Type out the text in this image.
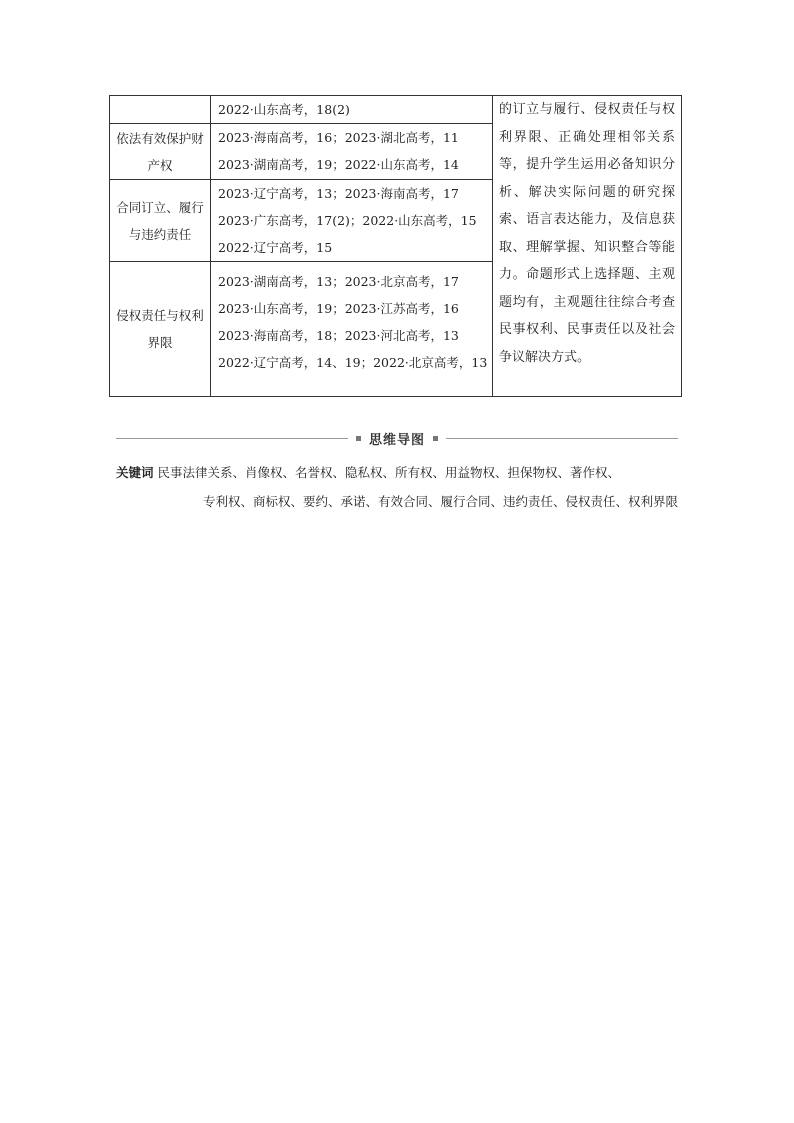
	2022·山东高考，18(2)	的订立与履行、侵权责任与权利界限、正确处理相邻关系等，提升学生运用必备知识分析、解决实际问题的研究探索、语言表达能力，及信息获取、理解掌握、知识整合等能力。命题形式上选择题、主观题均有，主观题往往综合考查民事权利、民事责任以及社会争议解决方式。
依法有效保护财产权	2023·海南高考，16；2023·湖北高考，11
2023·湖南高考，19；2022·山东高考，14	

合同订立、履行与违约责任	2023·辽宁高考，13；2023·海南高考，17
2023·广东高考，17(2)；2022·山东高考，15
2022·辽宁高考，15	

侵权责任与权利界限	2023·湖南高考，13；2023·北京高考，17
2023·山东高考，19；2023·江苏高考，16
2023·海南高考，18；2023·河北高考，13
2022·辽宁高考，14、19；2022·北京高考，13	
思维导图
关键词 民事法律关系、肖像权、名誉权、隐私权、所有权、用益物权、担保物权、著作权、
专利权、商标权、要约、承诺、有效合同、履行合同、违约责任、侵权责任、权利界限
